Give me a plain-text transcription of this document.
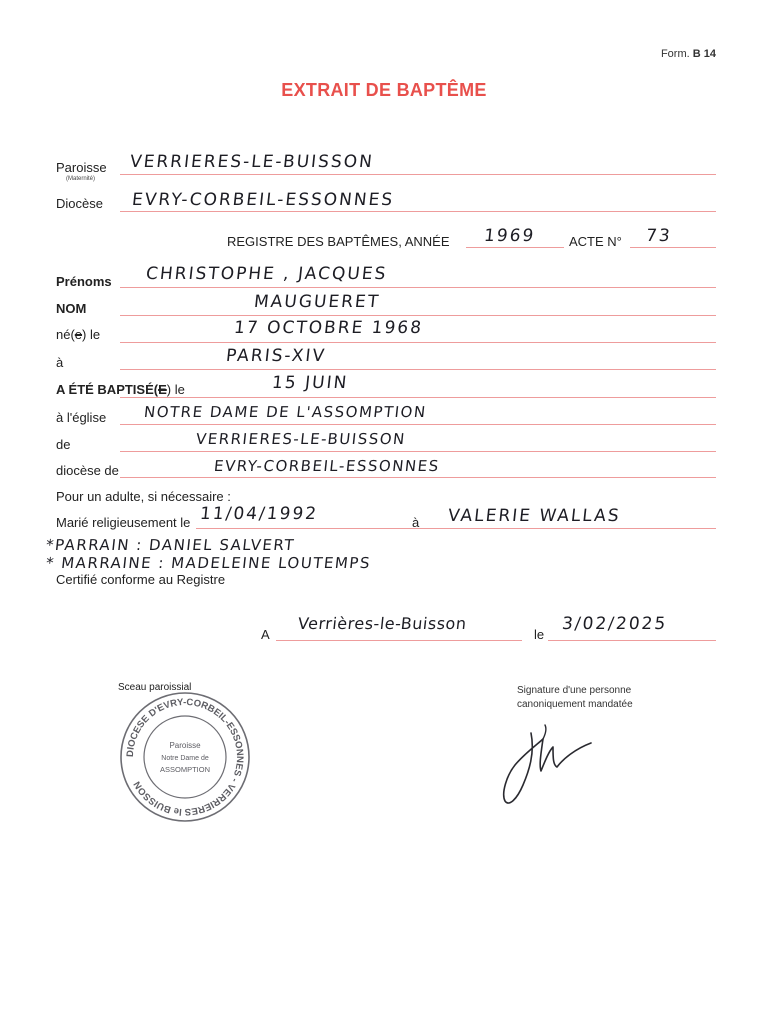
Form. B 14
EXTRAIT DE BAPTÊME
Paroisse
(Maternité)
VERRIERES-LE-BUISSON
Diocèse EVRY-CORBEIL-ESSONNES
REGISTRE DES BAPTÊMES, ANNÉE 1969	ACTE N° 73
Prénoms CHRISTOPHE , JACQUES
NOM	MAUGUERET
né(e) le	17 OCTOBRE 1968
à	PARIS-XIV
A ÉTÉ BAPTISÉ(E) le	15 JUIN
à l'église NOTRE DAME DE L'ASSOMPTION
de	VERRIERES-LE-BUISSON
diocèse de	EVRY-CORBEIL-ESSONNES
Pour un adulte, si nécessaire :
Marié religieusement le 11/04/1992	à VALERIE WALLAS
*PARRAIN : DANIEL SALVERT
* MARRAINE : MADELEINE LOUTEMPS
Certifié conforme au Registre
A
Verrières-le-Buisson
le
3/02/2025
Sceau paroissial
DIOCESE D'EVRY-CORBEIL-ESSONNES - VERRIERES le BUISSON
Paroisse
Notre Dame de
ASSOMPTION
Signature d'une personne
canoniquement mandatée
